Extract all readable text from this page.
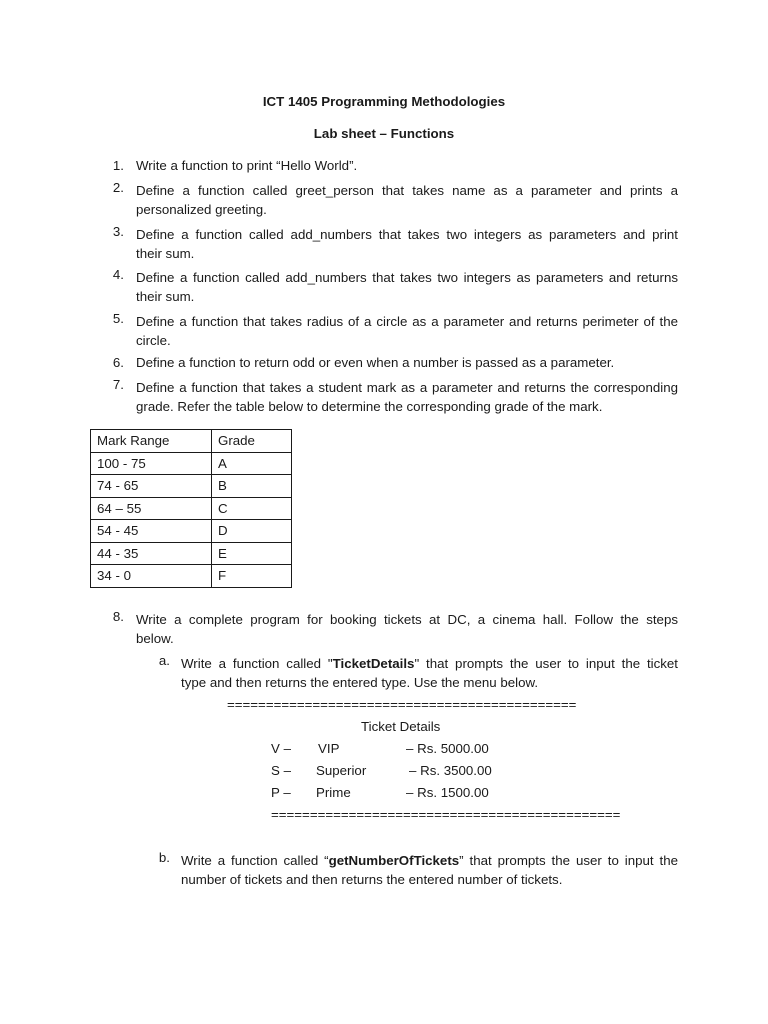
ICT 1405 Programming Methodologies
Lab sheet – Functions
1. Write a function to print “Hello World”.
2. Define a function called greet_person that takes name as a parameter and prints a
personalized greeting.
3. Define a function called add_numbers that takes two integers as parameters and print
their sum.
4. Define a function called add_numbers that takes two integers as parameters and returns
their sum.
5. Define a function that takes radius of a circle as a parameter and returns perimeter of the
circle.
6. Define a function to return odd or even when a number is passed as a parameter.
7. Define a function that takes a student mark as a parameter and returns the corresponding
grade. Refer the table below to determine the corresponding grade of the mark.
Mark Range	Grade
100 - 75	A
74 - 65	B
64 – 55	C
54 - 45	D
44 - 35	E
34 - 0	F
8. Write a complete program for booking tickets at DC, a cinema hall. Follow the steps
below.
a. Write a function called "TicketDetails" that prompts the user to input the ticket
type and then returns the entered type. Use the menu below.
=============================================
Ticket Details
V – VIP	– Rs. 5000.00
S – Superior	– Rs. 3500.00
P – Prime	– Rs. 1500.00
=============================================
b. Write a function called “getNumberOfTickets” that prompts the user to input the
number of tickets and then returns the entered number of tickets.
